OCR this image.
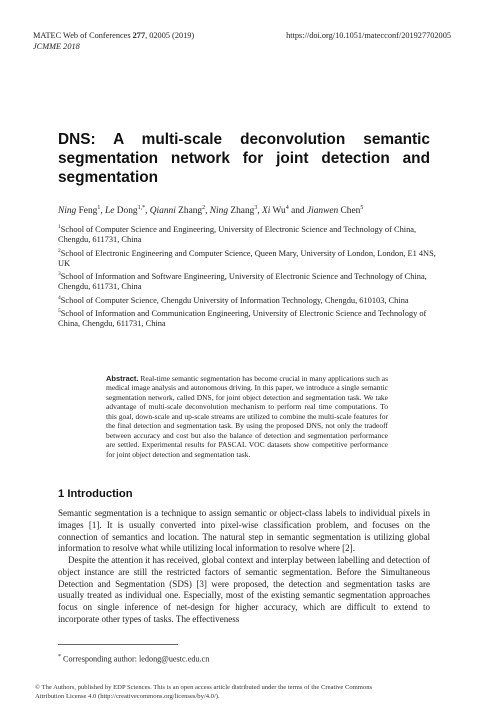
MATEC Web of Conferences 277, 02005 (2019)	https://doi.org/10.1051/matecconf/201927702005
JCMME 2018
DNS: A multi-scale deconvolution semantic segmentation network for joint detection and segmentation
Ning Feng$^1$, Le Dong$^{1,*}$, Qianni Zhang$^2$, Ning Zhang$^3$, Xi Wu$^4$ and Jianwen Chen$^5$

$^1$School of Computer Science and Engineering, University of Electronic Science and Technology of China, Chengdu, 611731, China

$^2$School of Electronic Engineering and Computer Science, Queen Mary, University of London, London, E1 4NS, UK

$^3$School of Information and Software Engineering, University of Electronic Science and Technology of China, Chengdu, 611731, China

$^4$School of Computer Science, Chengdu University of Information Technology, Chengdu, 610103, China

$^5$School of Information and Communication Engineering, University of Electronic Science and Technology of China, Chengdu, 611731, China

Abstract. Real-time semantic segmentation has become crucial in many applications such as medical image analysis and autonomous driving. In this paper, we introduce a single semantic segmentation network, called DNS, for joint object detection and segmentation task. We take advantage of multi-scale deconvolution mechanism to perform real time computations. To this goal, down-scale and up-scale streams are utilized to combine the multi-scale features for the final detection and segmentation task. By using the proposed DNS, not only the tradeoff between accuracy and cost but also the balance of detection and segmentation performance are settled. Experimental results for PASCAL VOC datasets show competitive performance for joint object detection and segmentation task.

1 Introduction

Semantic segmentation is a technique to assign semantic or object-class labels to individual pixels in images [1]. It is usually converted into pixel-wise classification problem, and focuses on the connection of semantics and location. The natural step in semantic segmentation is utilizing global information to resolve what while utilizing local information to resolve where [2].

Despite the attention it has received, global context and interplay between labelling and detection of object instance are still the restricted factors of semantic segmentation. Before the Simultaneous Detection and Segmentation (SDS) [3] were proposed, the detection and segmentation tasks are usually treated as individual one. Especially, most of the existing semantic segmentation approaches focus on single inference of net-design for higher accuracy, which are difficult to extend to incorporate other types of tasks. The effectiveness

* Corresponding author: ledong@uestc.edu.cn

© The Authors, published by EDP Sciences. This is an open access article distributed under the terms of the Creative Commons

Attribution License 4.0 (http://creativecommons.org/licenses/by/4.0/).
